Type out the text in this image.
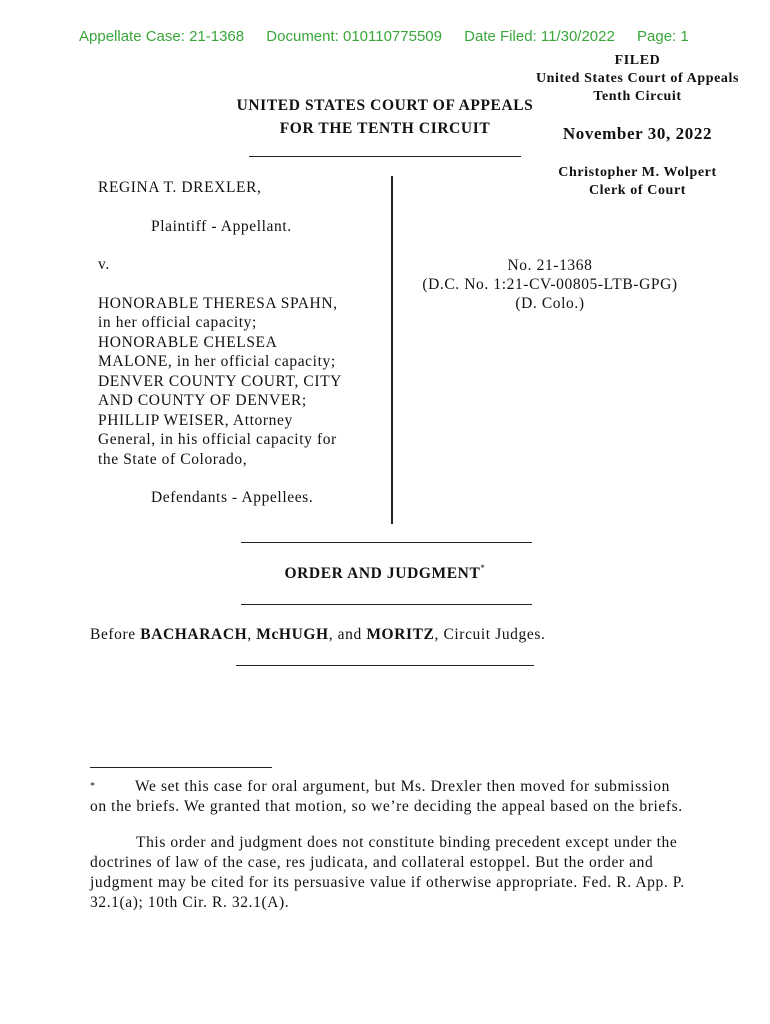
Appellate Case: 21-1368 Document: 010110775509 Date Filed: 11/30/2022 Page: 1
FILED
United States Court of Appeals
Tenth Circuit
UNITED STATES COURT OF APPEALS
FOR THE TENTH CIRCUIT	November 30, 2022
Christopher M. Wolpert
Clerk of Court

REGINA T. DREXLER,

Plaintiff - Appellant.

v.

HONORABLE THERESA SPAHN,

in her official capacity;

HONORABLE CHELSEA

MALONE, in her official capacity;

DENVER COUNTY COURT, CITY

AND COUNTY OF DENVER;

PHILLIP WEISER, Attorney

General, in his official capacity for

the State of Colorado,

Defendants - Appellees.

No. 21-1368
(D.C. No. 1:21-CV-00805-LTB-GPG)
(D. Colo.)
ORDER AND JUDGMENT*
Before BACHARACH, McHUGH, and MORITZ, Circuit Judges.

*	We set this case for oral argument, but Ms. Drexler then moved for submission on the briefs. We granted that motion, so we’re deciding the appeal based on the briefs.

This order and judgment does not constitute binding precedent except under the doctrines of law of the case, res judicata, and collateral estoppel. But the order and judgment may be cited for its persuasive value if otherwise appropriate. Fed. R. App. P. 32.1(a); 10th Cir. R. 32.1(A).
